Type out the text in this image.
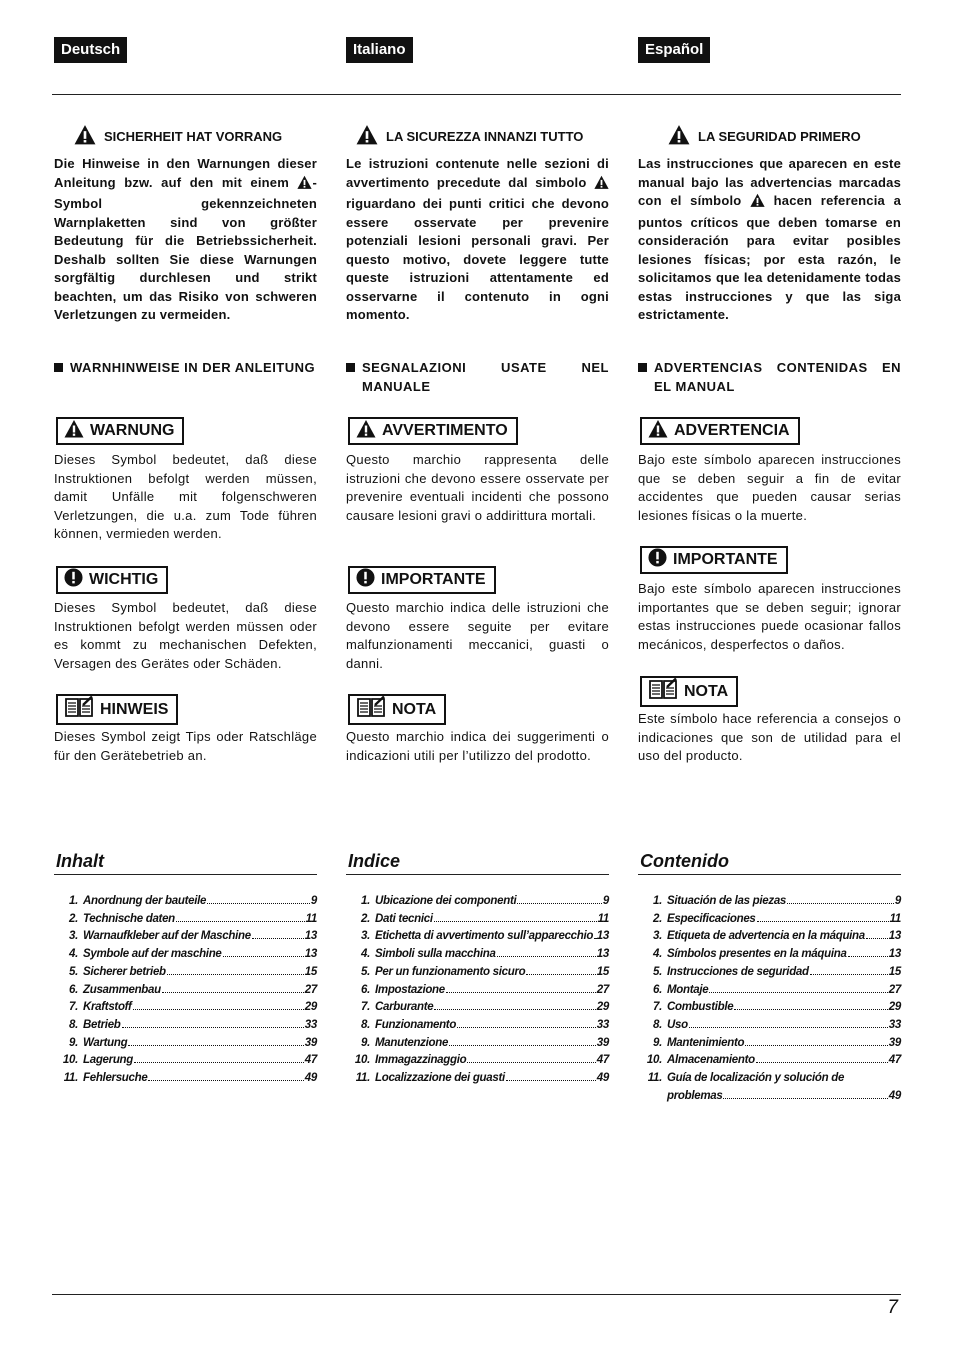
Deutsch
SICHERHEIT HAT VORRANG

Die Hinweise in den Warnungen dieser Anleitung bzw. auf den mit einem -Symbol gekennzeichneten Warnplaketten sind von größter Bedeutung für die Betriebssicherheit. Deshalb sollten Sie diese Warnungen sorgfältig durchlesen und strikt beachten, um das Risiko von schweren Verletzungen zu vermeiden.

WARNHINWEISE IN DER ANLEITUNG
WARNUNG

Dieses Symbol bedeutet, daß diese Instruktionen befolgt werden müssen, damit Unfälle mit folgenschweren Verletzungen, die u.a. zum Tode führen können, vermieden werden.

WICHTIG

Dieses Symbol bedeutet, daß diese Instruktionen befolgt werden müssen oder es kommt zu mechanischen Defekten, Versagen des Gerätes oder Schäden.

HINWEIS

Dieses Symbol zeigt Tips oder Ratschläge für den Gerätebetrieb an.

Inhalt
1. Anordnung der bauteile	9
2. Technische daten	11
3. Warnaufkleber auf der Maschine	13
4. Symbole auf der maschine	13
5. Sicherer betrieb	15
6. Zusammenbau	27
7. Kraftstoff	29
8. Betrieb	33
9. Wartung	39
10. Lagerung	47
11. Fehlersuche	49
Italiano
LA SICUREZZA INNANZI TUTTO

Le istruzioni contenute nelle sezioni di avvertimento precedute dal simbolo  riguardano dei punti critici che devono essere osservate per prevenire potenziali lesioni personali gravi. Per questo motivo, dovete leggere tutte queste istruzioni attentamente ed osservarne il contenuto in ogni momento.

SEGNALAZIONI USATE NEL MANUALE
AVVERTIMENTO

Questo marchio rappresenta delle istruzioni che devono essere osservate per prevenire eventuali incidenti che possono causare lesioni gravi o addirittura mortali.

IMPORTANTE

Questo marchio indica delle istruzioni che devono essere seguite per evitare malfunzionamenti meccanici, guasti o danni.

NOTA

Questo marchio indica dei suggerimenti o indicazioni utili per l’utilizzo del prodotto.

Indice
1. Ubicazione dei componenti	9
2. Dati tecnici	11
3. Etichetta di avvertimento sull’apparecchio 13
4. Simboli sulla macchina	13
5. Per un funzionamento sicuro	15
6. Impostazione	27
7. Carburante	29
8. Funzionamento	33
9. Manutenzione	39
10. Immagazzinaggio	47
11. Localizzazione dei guasti	49
Español
LA SEGURIDAD PRIMERO

Las instrucciones que aparecen en este manual bajo las advertencias marcadas con el símbolo  hacen referencia a puntos críticos que deben tomarse en consideración para evitar posibles lesiones físicas; por esta razón, le solicitamos que lea detenidamente todas estas instrucciones y que las siga estrictamente.

ADVERTENCIAS CONTENIDAS EN EL MANUAL
ADVERTENCIA

Bajo este símbolo aparecen instrucciones que se deben seguir a fin de evitar accidentes que pueden causar serias lesiones físicas o la muerte.

IMPORTANTE

Bajo este símbolo aparecen instrucciones importantes que se deben seguir; ignorar estas instrucciones puede ocasionar fallos mecánicos, desperfectos o daños.

NOTA

Este símbolo hace referencia a consejos o indicaciones que son de utilidad para el uso del producto.

Contenido
1. Situación de las piezas	9
2. Especificaciones	11
3. Etiqueta de advertencia en la máquina 13
4. Símbolos presentes en la máquina	13
5. Instrucciones de seguridad	15
6. Montaje	27
7. Combustible	29
8. Uso	33
9. Mantenimiento	39
10. Almacenamiento	47
11. Guía de localización y solución de
problemas	49
7
